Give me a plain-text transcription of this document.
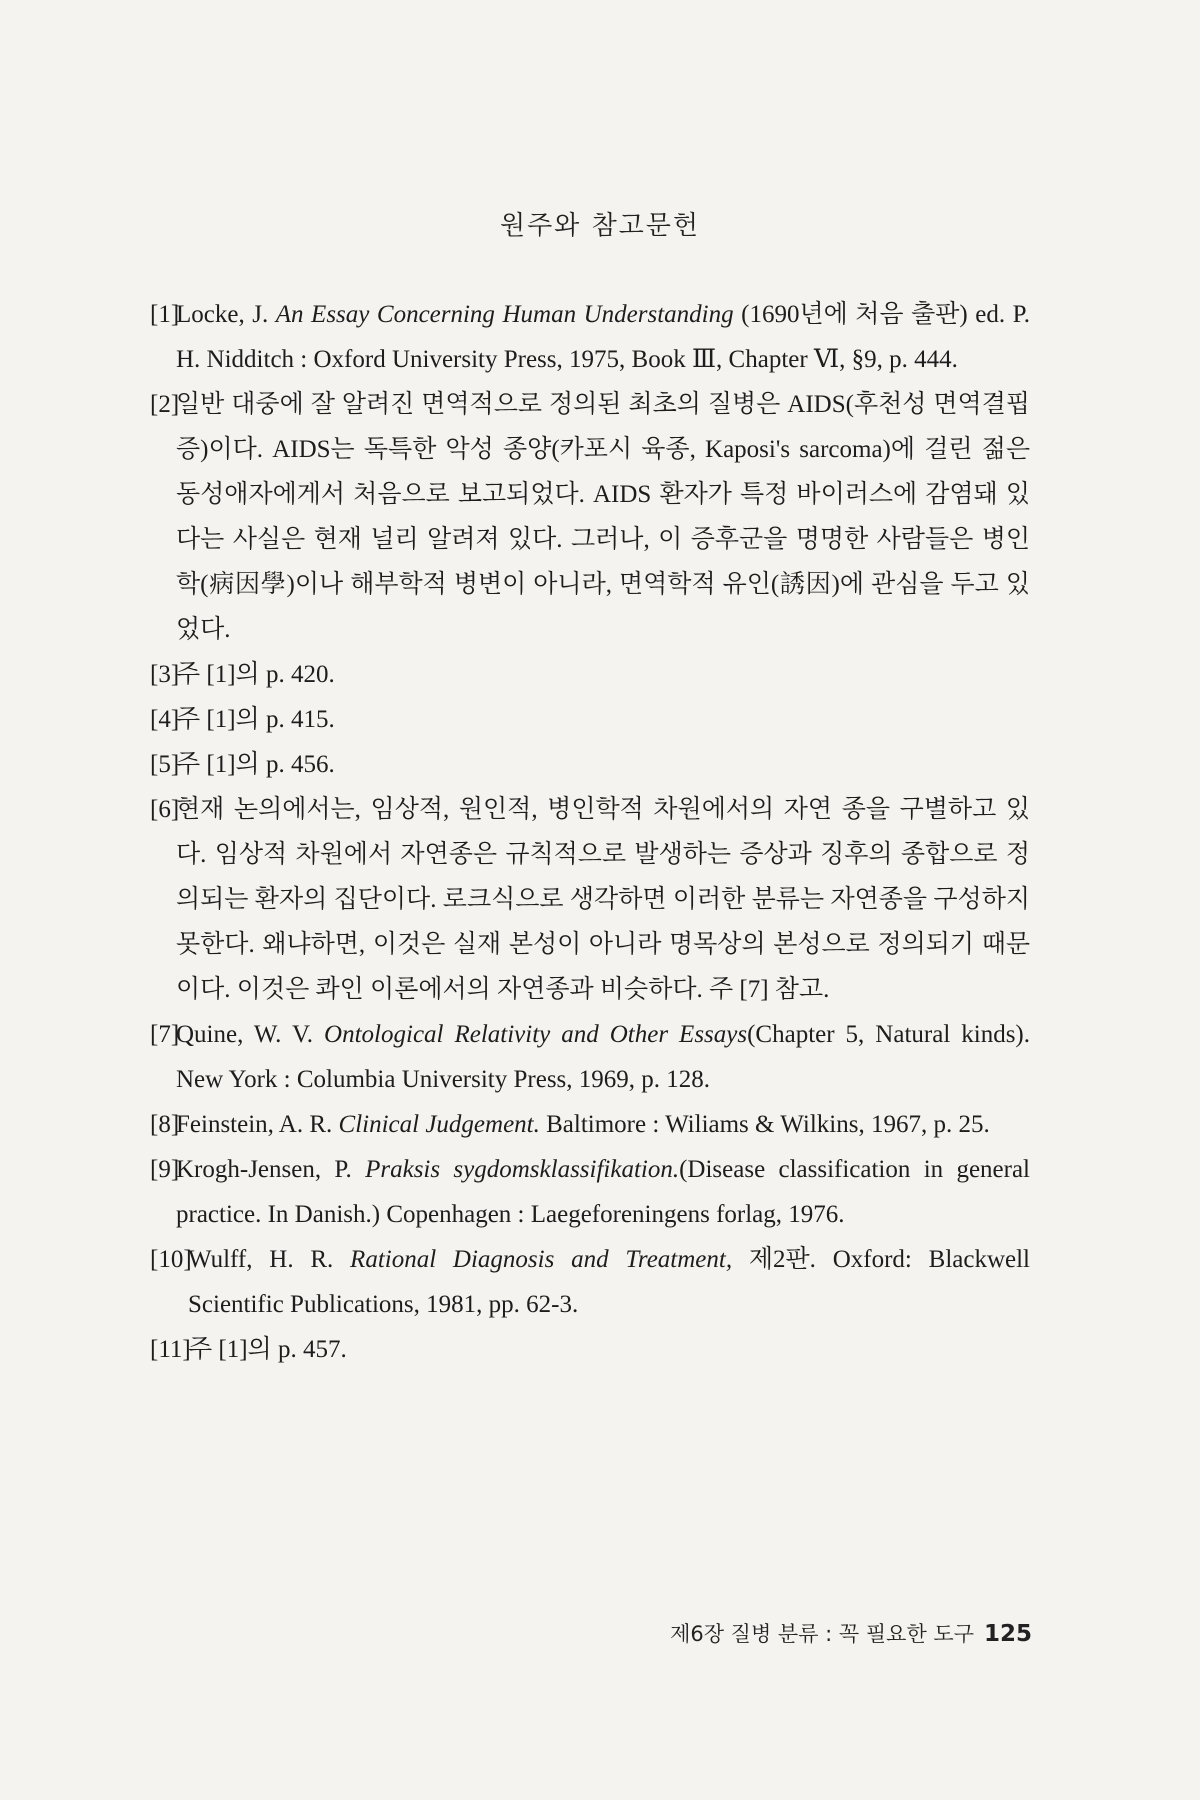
원주와 참고문헌
[1]
Locke, J. An Essay Concerning Human Understanding (1690년에 처음 출판) ed. P. H. Nidditch : Oxford University Press, 1975, Book Ⅲ, Chapter Ⅵ, §9, p. 444.
[2]
일반 대중에 잘 알려진 면역적으로 정의된 최초의 질병은 AIDS(후천성 면역결핍증)이다. AIDS는 독특한 악성 종양(카포시 육종, Kaposi's sarcoma)에 걸린 젊은 동성애자에게서 처음으로 보고되었다. AIDS 환자가 특정 바이러스에 감염돼 있다는 사실은 현재 널리 알려져 있다. 그러나, 이 증후군을 명명한 사람들은 병인학(病因學)이나 해부학적 병변이 아니라, 면역학적 유인(誘因)에 관심을 두고 있었다.
[3]
주 [1]의 p. 420.
[4]
주 [1]의 p. 415.
[5]
주 [1]의 p. 456.
[6]
현재 논의에서는, 임상적, 원인적, 병인학적 차원에서의 자연 종을 구별하고 있다. 임상적 차원에서 자연종은 규칙적으로 발생하는 증상과 징후의 종합으로 정의되는 환자의 집단이다. 로크식으로 생각하면 이러한 분류는 자연종을 구성하지 못한다. 왜냐하면, 이것은 실재 본성이 아니라 명목상의 본성으로 정의되기 때문이다. 이것은 콰인 이론에서의 자연종과 비슷하다. 주 [7] 참고.
[7]
Quine, W. V. Ontological Relativity and Other Essays(Chapter 5, Natural kinds). New York : Columbia University Press, 1969, p. 128.
[8]
Feinstein, A. R. Clinical Judgement. Baltimore : Wiliams & Wilkins, 1967, p. 25.
[9]
Krogh-Jensen, P. Praksis sygdomsklassifikation.(Disease classification in general practice. In Danish.) Copenhagen : Laegeforeningens forlag, 1976.
[10]
Wulff, H. R. Rational Diagnosis and Treatment, 제2판. Oxford: Blackwell Scientific Publications, 1981, pp. 62-3.
[11]
주 [1]의 p. 457.
제6장 질병 분류 : 꼭 필요한 도구 125
